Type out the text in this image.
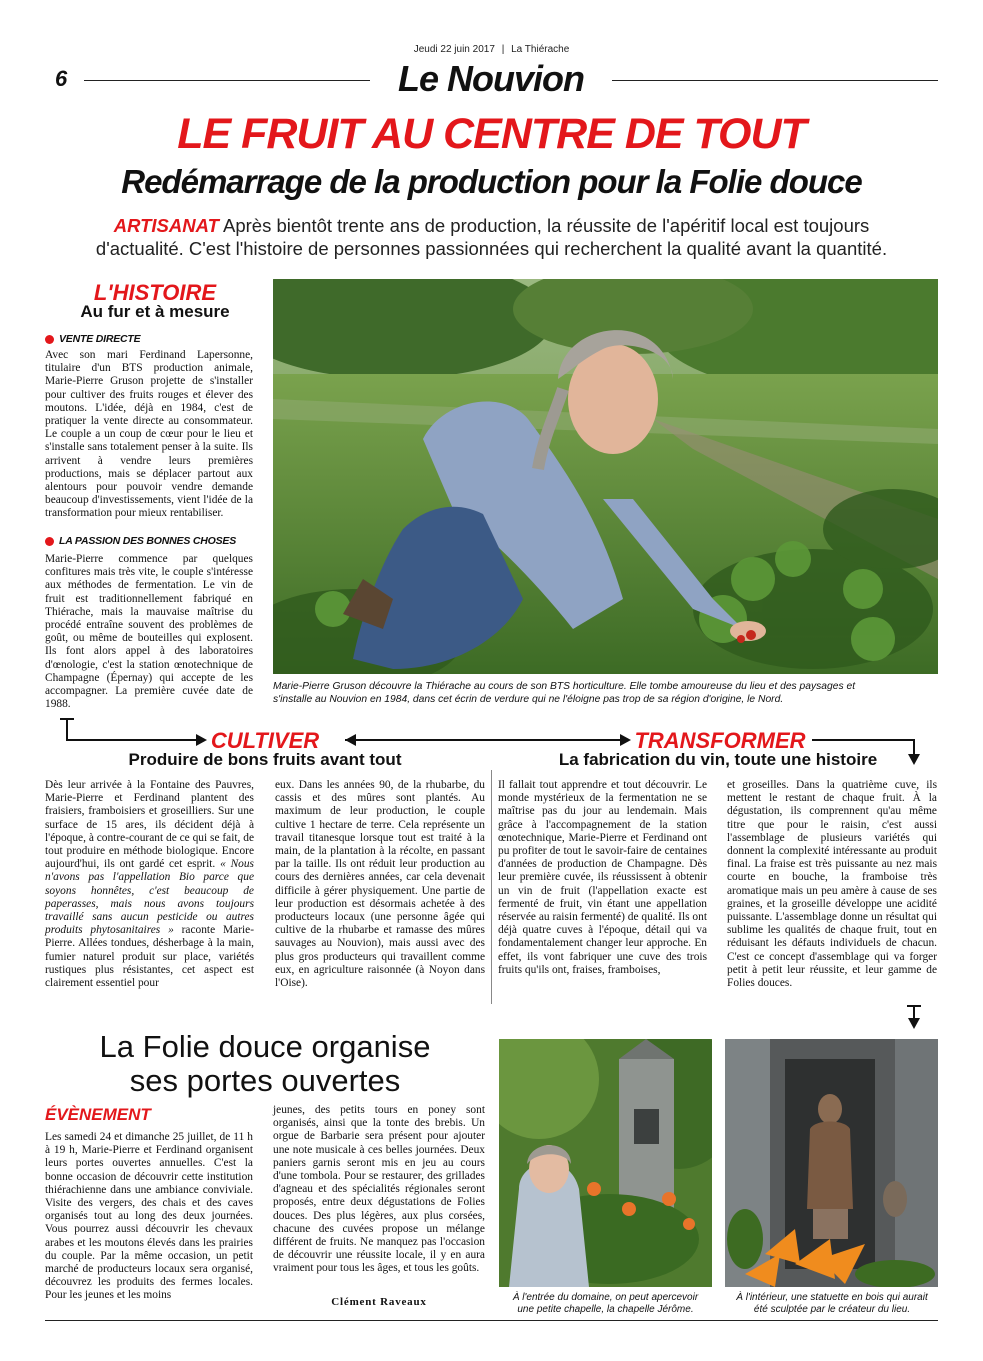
Jeudi 22 juin 2017 | La Thiérache
6	Le Nouvion
LE FRUIT AU CENTRE DE TOUT
Redémarrage de la production pour la Folie douce
ARTISANAT Après bientôt trente ans de production, la réussite de l'apéritif local est toujours
d'actualité. C'est l'histoire de personnes passionnées qui recherchent la qualité avant la quantité.
L'HISTOIRE
Au fur et à mesure
VENTE DIRECTE

Avec son mari Ferdinand Lapersonne, titulaire d'un BTS production animale, Marie-Pierre Gruson projette de s'installer pour cultiver des fruits rouges et élever des moutons. L'idée, déjà en 1984, c'est de pratiquer la vente directe au consommateur. Le couple a un coup de cœur pour le lieu et s'installe sans totalement penser à la suite. Ils arrivent à vendre leurs premières productions, mais se déplacer partout aux alentours pour pouvoir vendre demande beaucoup d'investissements, vient l'idée de la transformation pour mieux rentabiliser.

LA PASSION DES BONNES CHOSES

Marie-Pierre commence par quelques confitures mais très vite, le couple s'intéresse aux méthodes de fermentation. Le vin de fruit est traditionnellement fabriqué en Thiérache, mais la mauvaise maîtrise du procédé entraîne souvent des problèmes de goût, ou même de bouteilles qui explosent. Ils font alors appel à des laboratoires d'œnologie, c'est la station œnotechnique de Champagne (Épernay) qui accepte de les accompagner. La première cuvée date de 1988.

Marie-Pierre Gruson découvre la Thiérache au cours de son BTS horticulture. Elle tombe amoureuse du lieu et des paysages et
s'installe au Nouvion en 1984, dans cet écrin de verdure qui ne l'éloigne pas trop de sa région d'origine, le Nord.
CULTIVER
Produire de bons fruits avant tout

Dès leur arrivée à la Fontaine des Pauvres, Marie-Pierre et Ferdinand plantent des fraisiers, framboisiers et groseilliers. Sur une surface de 15 ares, ils décident déjà à l'époque, à contre-courant de ce qui se fait, de tout produire en méthode biologique. Encore aujourd'hui, ils ont gardé cet esprit. « Nous n'avons pas l'appellation Bio parce que soyons honnêtes, c'est beaucoup de paperasses, mais nous avons toujours travaillé sans aucun pesticide ou autres produits phytosanitaires » raconte Marie-Pierre. Allées tondues, désherbage à la main, fumier naturel produit sur place, variétés rustiques plus résistantes, cet aspect est clairement essentiel pour

eux. Dans les années 90, de la rhubarbe, du cassis et des mûres sont plantés. Au maximum de leur production, le couple cultive 1 hectare de terre. Cela représente un travail titanesque lorsque tout est traité à la main, de la plantation à la récolte, en passant par la taille. Ils ont réduit leur production au cours des dernières années, car cela devenait difficile à gérer physiquement. Une partie de leur production est désormais achetée à des producteurs locaux (une personne âgée qui cultive de la rhubarbe et ramasse des mûres sauvages au Nouvion), mais aussi avec des plus gros producteurs qui travaillent comme eux, en agriculture raisonnée (à Noyon dans l'Oise).

TRANSFORMER
La fabrication du vin, toute une histoire

Il fallait tout apprendre et tout découvrir. Le monde mystérieux de la fermentation ne se maîtrise pas du jour au lendemain. Mais grâce à l'accompagnement de la station œnotechnique, Marie-Pierre et Ferdinand ont pu profiter de tout le savoir-faire de centaines d'années de production de Champagne. Dès leur première cuvée, ils réussissent à obtenir un vin de fruit (l'appellation exacte est fermenté de fruit, vin étant une appellation réservée au raisin fermenté) de qualité. Ils ont déjà quatre cuves à l'époque, détail qui va fondamentalement changer leur approche. En effet, ils vont fabriquer une cuve des trois fruits qu'ils ont, fraises, framboises,

et groseilles. Dans la quatrième cuve, ils mettent le restant de chaque fruit. À la dégustation, ils comprennent qu'au même titre que pour le raisin, c'est aussi l'assemblage de plusieurs variétés qui donnent la complexité intéressante au produit final. La fraise est très puissante au nez mais courte en bouche, la framboise très aromatique mais un peu amère à cause de ses graines, et la groseille développe une acidité puissante. L'assemblage donne un résultat qui sublime les qualités de chaque fruit, tout en réduisant les défauts individuels de chacun. C'est ce concept d'assemblage qui va forger petit à petit leur réussite, et leur gamme de Folies douces.

La Folie douce organise
ses portes ouvertes
ÉVÈNEMENT

Les samedi 24 et dimanche 25 juillet, de 11 h à 19 h, Marie-Pierre et Ferdinand organisent leurs portes ouvertes annuelles. C'est la bonne occasion de découvrir cette institution thiérachienne dans une ambiance conviviale. Visite des vergers, des chais et des caves organisés tout au long des deux journées. Vous pourrez aussi découvrir les chevaux arabes et les moutons élevés dans les prairies du couple. Par la même occasion, un petit marché de producteurs locaux sera organisé, découvrez les produits des fermes locales. Pour les jeunes et les moins

jeunes, des petits tours en poney sont organisés, ainsi que la tonte des brebis. Un orgue de Barbarie sera présent pour ajouter une note musicale à ces belles journées. Deux paniers garnis seront mis en jeu au cours d'une tombola. Pour se restaurer, des grillades d'agneau et des spécialités régionales seront proposés, entre deux dégustations de Folies douces. Des plus légères, aux plus corsées, chacune des cuvées propose un mélange différent de fruits. Ne manquez pas l'occasion de découvrir une réussite locale, il y en aura vraiment pour tous les âges, et tous les goûts.

Clément Raveaux	À l'entrée du domaine, on peut apercevoir
une petite chapelle, la chapelle Jérôme.
À l'intérieur, une statuette en bois qui aurait
été sculptée par le créateur du lieu.
